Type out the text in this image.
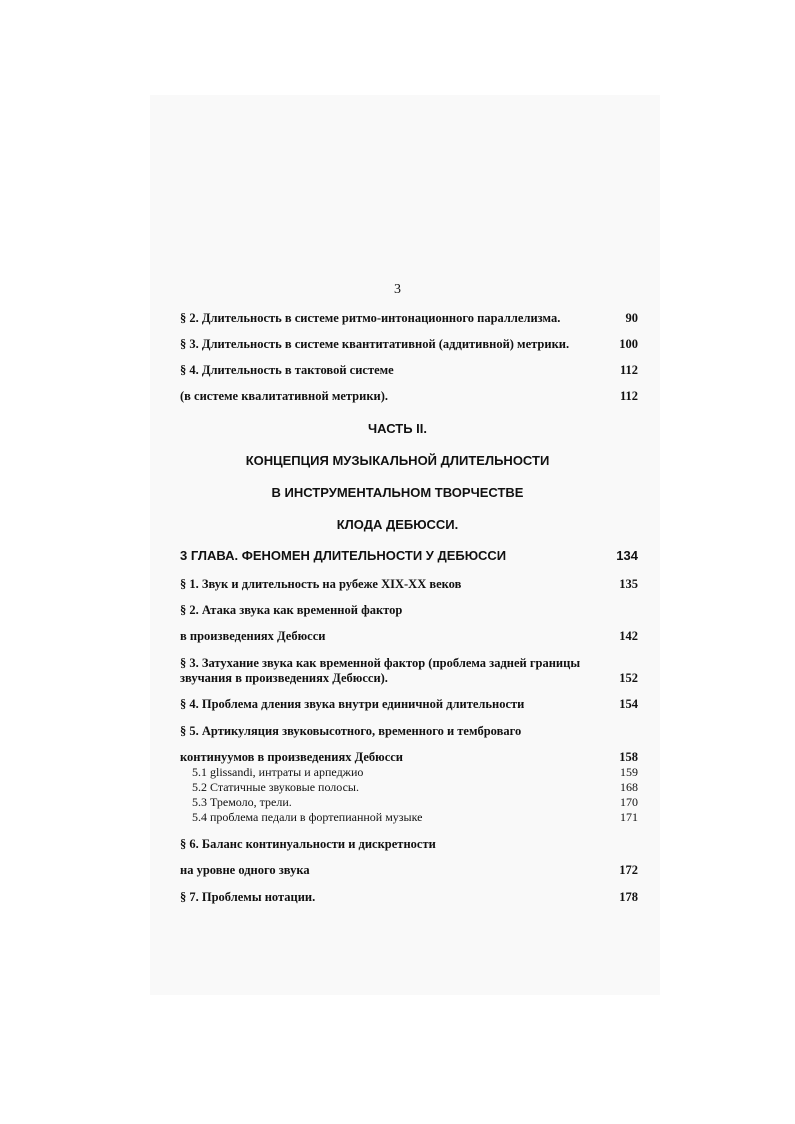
3
§ 2. Длительность в системе ритмо-интонационного параллелизма.	90
§ 3. Длительность в системе квантитативной (аддитивной) метрики.	100
§ 4. Длительность в тактовой системе	112
(в системе квалитативной метрики).	112
ЧАСТЬ II.
КОНЦЕПЦИЯ МУЗЫКАЛЬНОЙ ДЛИТЕЛЬНОСТИ
В ИНСТРУМЕНТАЛЬНОМ ТВОРЧЕСТВЕ
КЛОДА ДЕБЮССИ.
3 ГЛАВА. ФЕНОМЕН ДЛИТЕЛЬНОСТИ У ДЕБЮССИ	134
§ 1. Звук и длительность на рубеже XIX-XX веков	135
§ 2. Атака звука как временной фактор
в произведениях Дебюсси	142
§ 3. Затухание звука как временной фактор (проблема задней границы
звучания в произведениях Дебюсси).	152
§ 4. Проблема дления звука внутри единичной длительности	154
§ 5. Артикуляция звуковысотного, временного и темброваго
континуумов в произведениях Дебюсси	158
5.1 glissandi, интраты и арпеджио	159
5.2 Статичные звуковые полосы.	168
5.3 Тремоло, трели.	170
5.4 проблема педали в фортепианной музыке	171
§ 6. Баланс континуальности и дискретности
на уровне одного звука	172
§ 7. Проблемы нотации.	178
